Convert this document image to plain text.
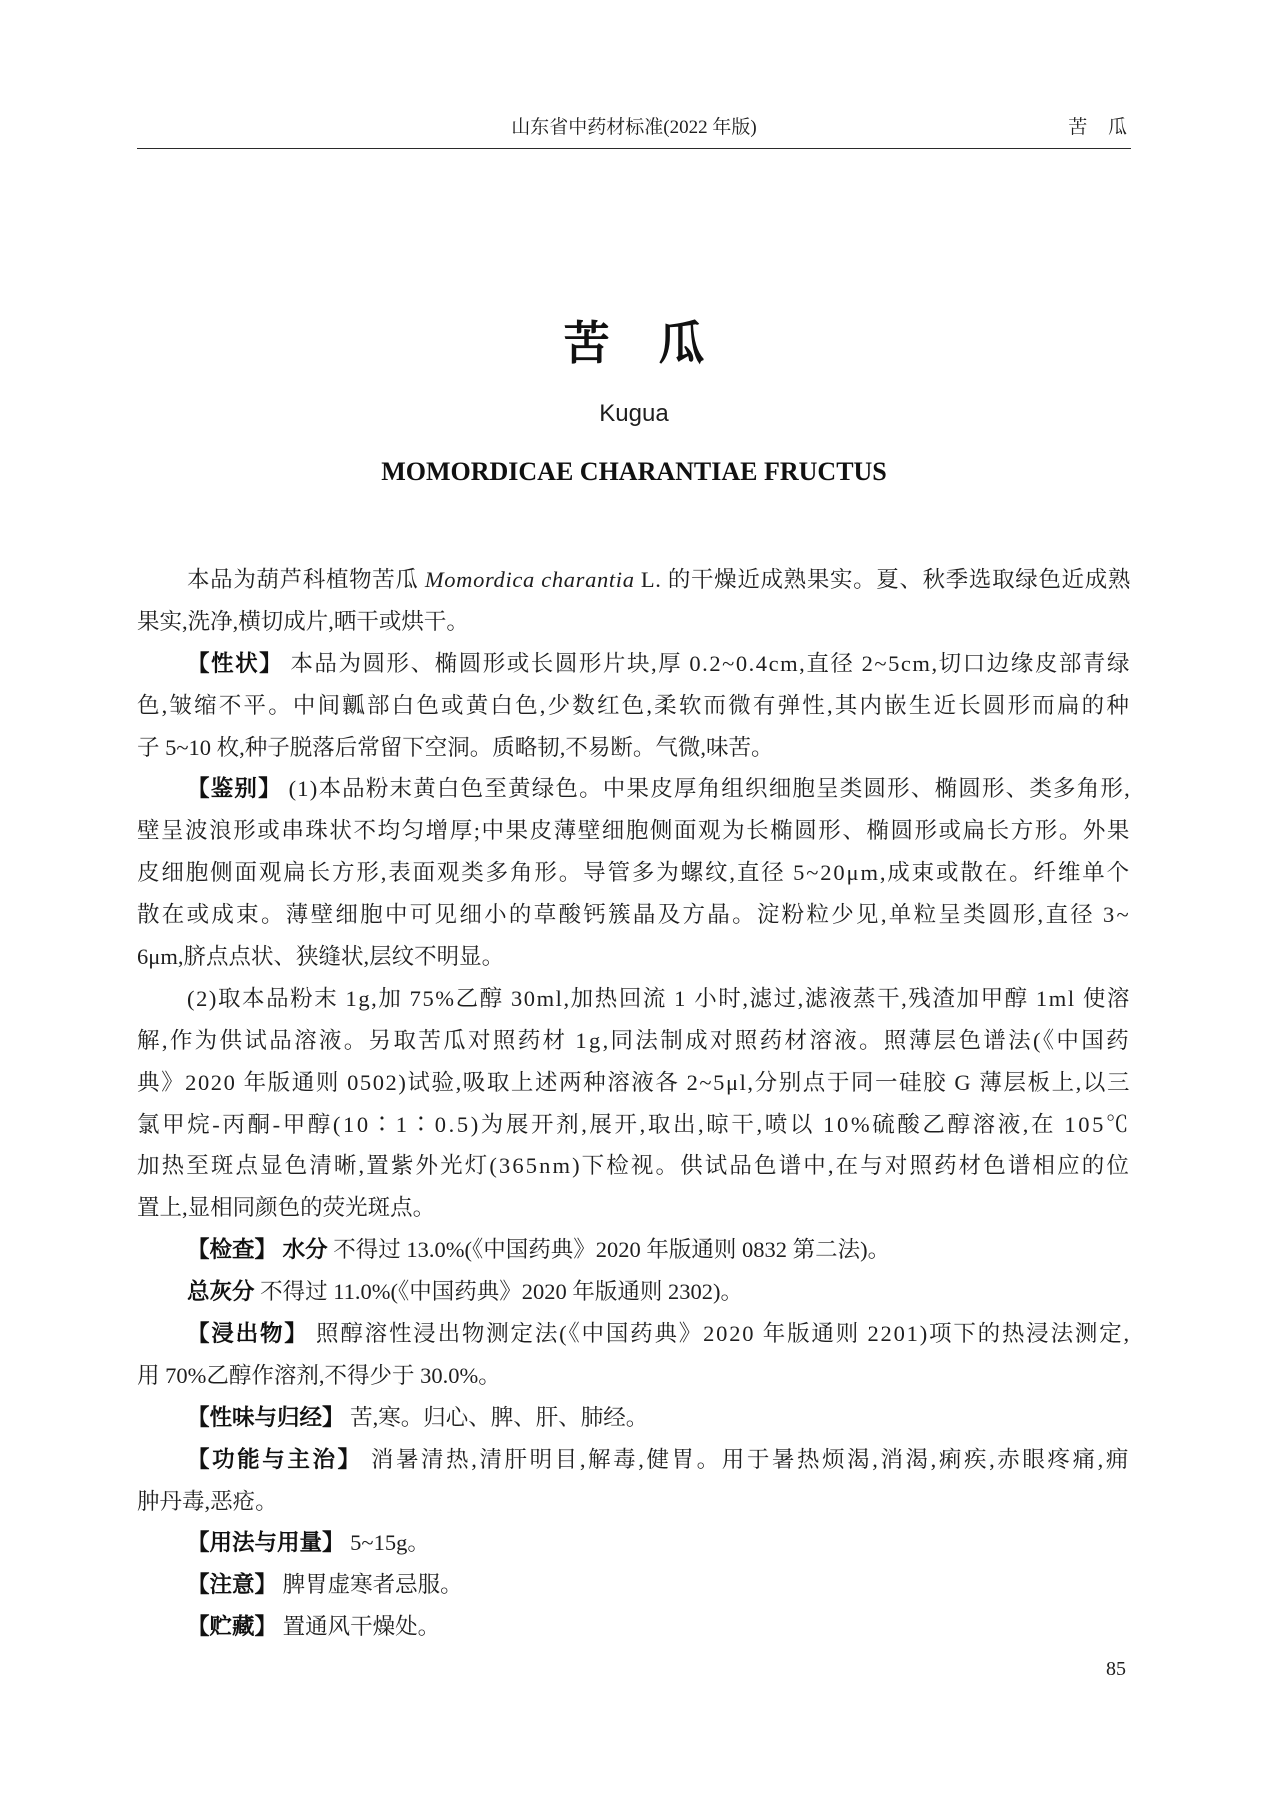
山东省中药材标准(2022 年版)	苦 瓜
苦 瓜
Kugua
MOMORDICAE CHARANTIAE FRUCTUS
本品为葫芦科植物苦瓜 Momordica charantia L. 的干燥近成熟果实。夏、秋季选取绿色近成熟
果实,洗净,横切成片,晒干或烘干。
【性状】 本品为圆形、椭圆形或长圆形片块,厚 0.2~0.4cm,直径 2~5cm,切口边缘皮部青绿
色,皱缩不平。中间瓤部白色或黄白色,少数红色,柔软而微有弹性,其内嵌生近长圆形而扁的种
子 5~10 枚,种子脱落后常留下空洞。质略韧,不易断。气微,味苦。
【鉴别】 (1)本品粉末黄白色至黄绿色。中果皮厚角组织细胞呈类圆形、椭圆形、类多角形,
壁呈波浪形或串珠状不均匀增厚;中果皮薄壁细胞侧面观为长椭圆形、椭圆形或扁长方形。外果
皮细胞侧面观扁长方形,表面观类多角形。导管多为螺纹,直径 5~20μm,成束或散在。纤维单个
散在或成束。薄壁细胞中可见细小的草酸钙簇晶及方晶。淀粉粒少见,单粒呈类圆形,直径 3~
6μm,脐点点状、狭缝状,层纹不明显。
(2)取本品粉末 1g,加 75%乙醇 30ml,加热回流 1 小时,滤过,滤液蒸干,残渣加甲醇 1ml 使溶
解,作为供试品溶液。另取苦瓜对照药材 1g,同法制成对照药材溶液。照薄层色谱法(《中国药
典》2020 年版通则 0502)试验,吸取上述两种溶液各 2~5μl,分别点于同一硅胶 G 薄层板上,以三
氯甲烷-丙酮-甲醇(10∶1∶0.5)为展开剂,展开,取出,晾干,喷以 10%硫酸乙醇溶液,在 105℃
加热至斑点显色清晰,置紫外光灯(365nm)下检视。供试品色谱中,在与对照药材色谱相应的位
置上,显相同颜色的荧光斑点。
【检查】 水分 不得过 13.0%(《中国药典》2020 年版通则 0832 第二法)。
总灰分 不得过 11.0%(《中国药典》2020 年版通则 2302)。
【浸出物】 照醇溶性浸出物测定法(《中国药典》2020 年版通则 2201)项下的热浸法测定,
用 70%乙醇作溶剂,不得少于 30.0%。
【性味与归经】 苦,寒。归心、脾、肝、肺经。
【功能与主治】 消暑清热,清肝明目,解毒,健胃。用于暑热烦渴,消渴,痢疾,赤眼疼痛,痈
肿丹毒,恶疮。
【用法与用量】 5~15g。
【注意】 脾胃虚寒者忌服。
【贮藏】 置通风干燥处。
85
